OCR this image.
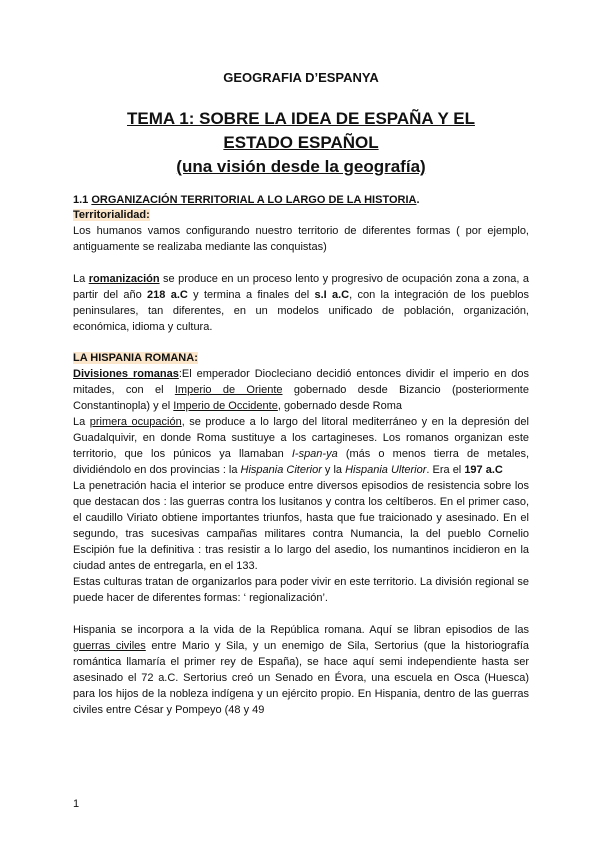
GEOGRAFIA D’ESPANYA

TEMA 1: SOBRE LA IDEA DE ESPAÑA Y EL

ESTADO ESPAÑOL

(una visión desde la geografía)

1.1 ORGANIZACIÓN TERRITORIAL A LO LARGO DE LA HISTORIA.

Territorialidad:

Los humanos vamos configurando nuestro territorio de diferentes formas ( por ejemplo, antiguamente se realizaba mediante las conquistas)

La romanización se produce en un proceso lento y progresivo de ocupación zona a zona, a partir del año 218 a.C y termina a finales del s.I a.C, con la integración de los pueblos peninsulares, tan diferentes, en un modelos unificado de población, organización, económica, idioma y cultura.

LA HISPANIA ROMANA:

Divisiones romanas:El emperador Diocleciano decidió entonces dividir el imperio en dos mitades, con el Imperio de Oriente gobernado desde Bizancio (posteriormente Constantinopla) y el Imperio de Occidente, gobernado desde Roma

La primera ocupación, se produce a lo largo del litoral mediterráneo y en la depresión del Guadalquivir, en donde Roma sustituye a los cartagineses. Los romanos organizan este territorio, que los púnicos ya llamaban I-span-ya (más o menos tierra de metales, dividiéndolo en dos provincias : la Hispania Citerior y la Hispania Ulterior. Era el 197 a.C

La penetración hacia el interior se produce entre diversos episodios de resistencia sobre los que destacan dos : las guerras contra los lusitanos y contra los celtíberos. En el primer caso, el caudillo Viriato obtiene importantes triunfos, hasta que fue traicionado y asesinado. En el segundo, tras sucesivas campañas militares contra Numancia, la del pueblo Cornelio Escipión fue la definitiva : tras resistir a lo largo del asedio, los numantinos incidieron en la ciudad antes de entregarla, en el 133.

Estas culturas tratan de organizarlos para poder vivir en este territorio. La división regional se puede hacer de diferentes formas: ‘ regionalización’.

Hispania se incorpora a la vida de la República romana. Aquí se libran episodios de las guerras civiles entre Mario y Sila, y un enemigo de Sila, Sertorius (que la historiografía romántica llamaría el primer rey de España), se hace aquí semi independiente hasta ser asesinado el 72 a.C. Sertorius creó un Senado en Évora, una escuela en Osca (Huesca) para los hijos de la nobleza indígena y un ejército propio. En Hispania, dentro de las guerras civiles entre César y Pompeyo (48 y 49

1
